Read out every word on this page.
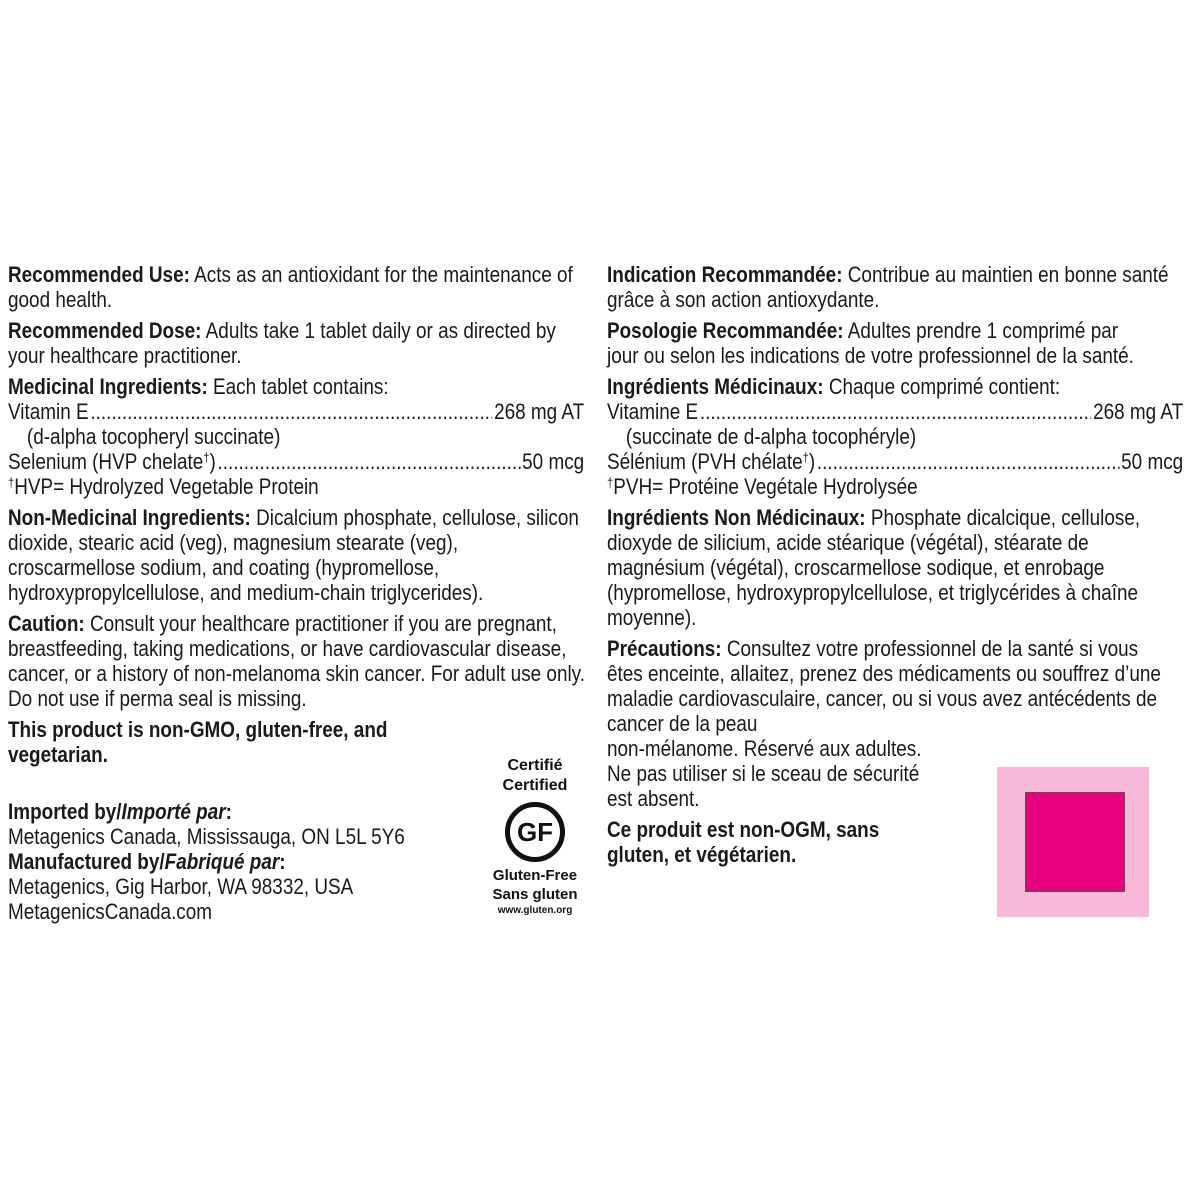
Recommended Use: Acts as an antioxidant for the maintenance of good health.

Recommended Dose: Adults take 1 tablet daily or as directed by your healthcare practitioner.

Medicinal Ingredients: Each tablet contains:
Vitamin E .....	268 mg AT
(d-alpha tocopheryl succinate)
Selenium (HVP chelate†) .....	50 mcg
†HVP= Hydrolyzed Vegetable Protein

Non-Medicinal Ingredients: Dicalcium phosphate, cellulose, silicon dioxide, stearic acid (veg), magnesium stearate (veg), croscarmellose sodium, and coating (hypromellose, hydroxypropylcellulose, and medium-chain triglycerides).

Caution: Consult your healthcare practitioner if you are pregnant, breastfeeding, taking medications, or have cardiovascular disease, cancer, or a history of non-melanoma skin cancer. For adult use only. Do not use if perma seal is missing.

This product is non-GMO, gluten-free, and vegetarian.

Imported by/Importé par:
Metagenics Canada, Mississauga, ON L5L 5Y6
Manufactured by/Fabriqué par:
Metagenics, Gig Harbor, WA 98332, USA
MetagenicsCanada.com

Indication Recommandée: Contribue au maintien en bonne santé grâce à son action antioxydante.

Posologie Recommandée: Adultes prendre 1 comprimé par jour ou selon les indications de votre professionnel de la santé.

Ingrédients Médicinaux: Chaque comprimé contient:
Vitamine E .....	268 mg AT
(succinate de d-alpha tocophéryle)
Sélénium (PVH chélate†) .....	50 mcg
†PVH= Protéine Vegétale Hydrolysée

Ingrédients Non Médicinaux: Phosphate dicalcique, cellulose, dioxyde de silicium, acide stéarique (végétal), stéarate de magnésium (végétal), croscarmellose sodique, et enrobage (hypromellose, hydroxypropylcellulose, et triglycérides à chaîne moyenne).

Précautions: Consultez votre professionnel de la santé si vous êtes enceinte, allaitez, prenez des médicaments ou souffrez d’une maladie cardiovasculaire, cancer, ou si vous avez antécédents de cancer de la peau
non-mélanome. Réservé aux adultes.
Ne pas utiliser si le sceau de sécurité
est absent.

Ce produit est non-OGM, sans gluten, et végétarien.

Certifié
Certified
GF
Gluten-Free
Sans gluten
www.gluten.org
